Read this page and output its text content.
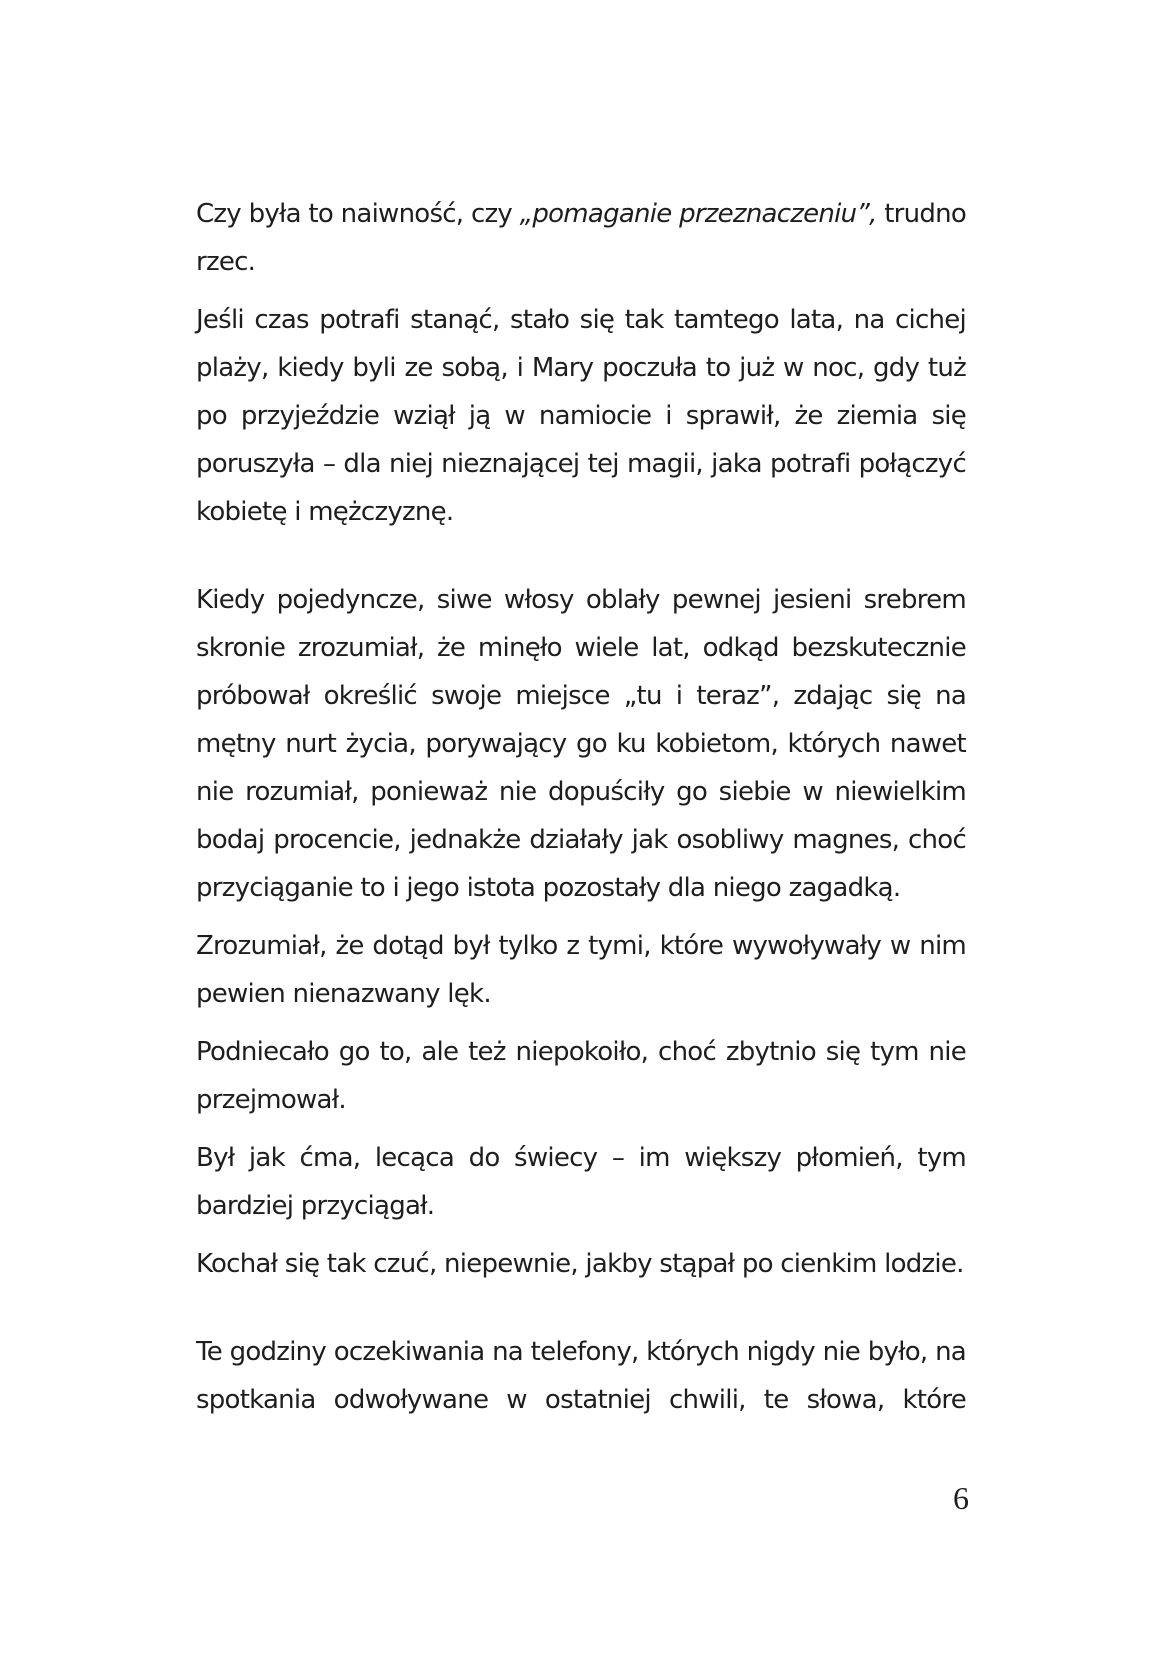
Czy była to naiwność, czy „pomaganie przeznaczeniu”, trudno
rzec.

Jeśli czas potrafi stanąć, stało się tak tamtego lata, na cichej
plaży, kiedy byli ze sobą, i Mary poczuła to już w noc, gdy tuż
po przyjeździe wziął ją w namiocie i sprawił, że ziemia się
poruszyła – dla niej nieznającej tej magii, jaka potrafi połączyć
kobietę i mężczyznę.

Kiedy pojedyncze, siwe włosy oblały pewnej jesieni srebrem
skronie zrozumiał, że minęło wiele lat, odkąd bezskutecznie
próbował określić swoje miejsce „tu i teraz”, zdając się na
mętny nurt życia, porywający go ku kobietom, których nawet
nie rozumiał, ponieważ nie dopuściły go siebie w niewielkim
bodaj procencie, jednakże działały jak osobliwy magnes, choć
przyciąganie to i jego istota pozostały dla niego zagadką.

Zrozumiał, że dotąd był tylko z tymi, które wywoływały w nim
pewien nienazwany lęk.

Podniecało go to, ale też niepokoiło, choć zbytnio się tym nie
przejmował.

Był jak ćma, lecąca do świecy – im większy płomień, tym
bardziej przyciągał.

Kochał się tak czuć, niepewnie, jakby stąpał po cienkim lodzie.

Te godziny oczekiwania na telefony, których nigdy nie było, na
spotkania odwoływane w ostatniej chwili, te słowa, które

6
